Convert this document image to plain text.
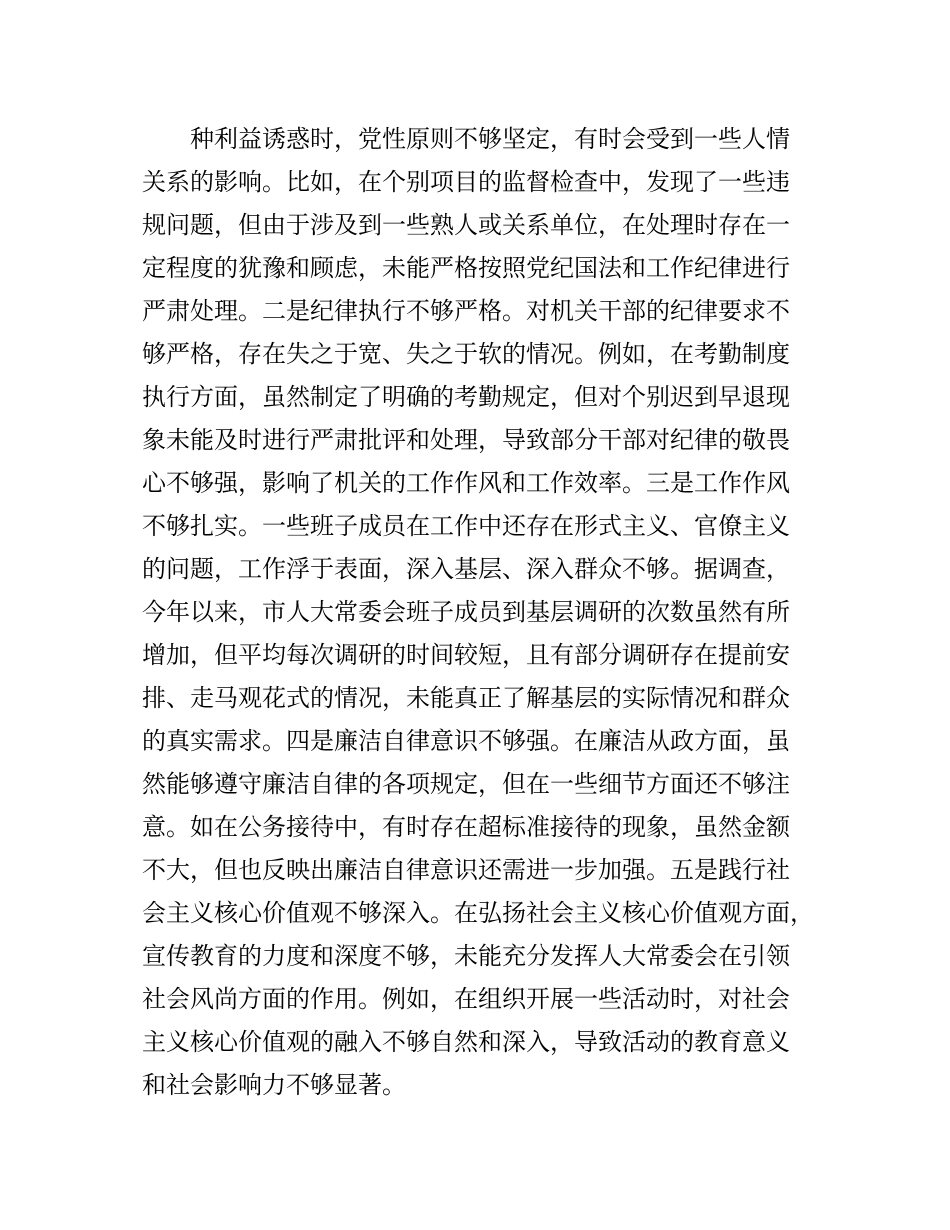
种利益诱惑时，党性原则不够坚定，有时会受到一些人情
关系的影响。比如，在个别项目的监督检查中，发现了一些违
规问题，但由于涉及到一些熟人或关系单位，在处理时存在一
定程度的犹豫和顾虑，未能严格按照党纪国法和工作纪律进行
严肃处理。二是纪律执行不够严格。对机关干部的纪律要求不
够严格，存在失之于宽、失之于软的情况。例如，在考勤制度
执行方面，虽然制定了明确的考勤规定，但对个别迟到早退现
象未能及时进行严肃批评和处理，导致部分干部对纪律的敬畏
心不够强，影响了机关的工作作风和工作效率。三是工作作风
不够扎实。一些班子成员在工作中还存在形式主义、官僚主义
的问题，工作浮于表面，深入基层、深入群众不够。据调查，
今年以来，市人大常委会班子成员到基层调研的次数虽然有所
增加，但平均每次调研的时间较短，且有部分调研存在提前安
排、走马观花式的情况，未能真正了解基层的实际情况和群众
的真实需求。四是廉洁自律意识不够强。在廉洁从政方面，虽
然能够遵守廉洁自律的各项规定，但在一些细节方面还不够注
意。如在公务接待中，有时存在超标准接待的现象，虽然金额
不大，但也反映出廉洁自律意识还需进一步加强。五是践行社
会主义核心价值观不够深入。在弘扬社会主义核心价值观方面，
宣传教育的力度和深度不够，未能充分发挥人大常委会在引领
社会风尚方面的作用。例如，在组织开展一些活动时，对社会
主义核心价值观的融入不够自然和深入，导致活动的教育意义
和社会影响力不够显著。
